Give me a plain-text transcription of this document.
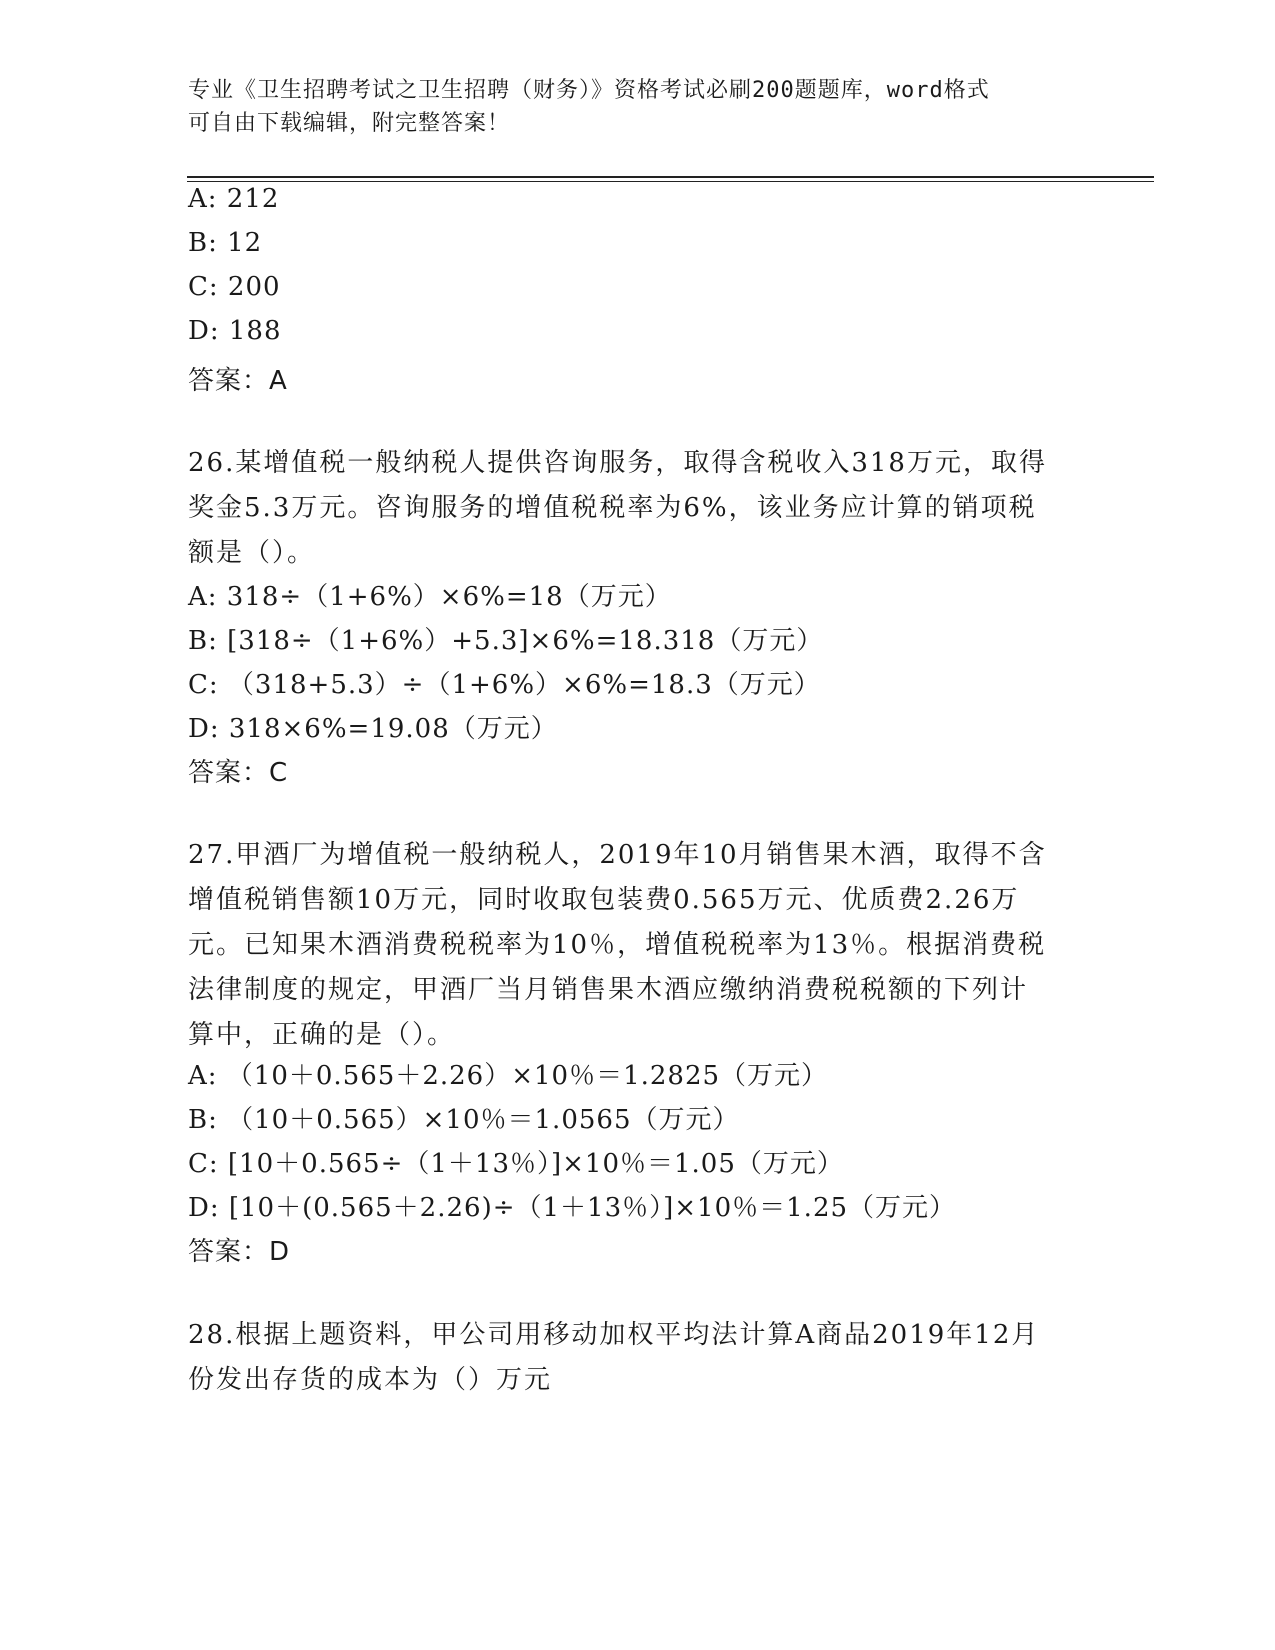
专业《卫生招聘考试之卫生招聘（财务）》资格考试必刷200题题库，word格式
可自由下载编辑，附完整答案！
A: 212
B: 12
C: 200
D: 188
答案：A
26.某增值税一般纳税人提供咨询服务，取得含税收入318万元，取得
奖金5.3万元。咨询服务的增值税税率为6%，该业务应计算的销项税
额是（）。
A: 318÷（1+6%）×6%=18（万元）
B: [318÷（1+6%）+5.3]×6%=18.318（万元）
C: （318+5.3）÷（1+6%）×6%=18.3（万元）
D: 318×6%=19.08（万元）
答案：C
27.甲酒厂为增值税一般纳税人，2019年10月销售果木酒，取得不含
增值税销售额10万元，同时收取包装费0.565万元、优质费2.26万
元。已知果木酒消费税税率为10％，增值税税率为13％。根据消费税
法律制度的规定，甲酒厂当月销售果木酒应缴纳消费税税额的下列计
算中，正确的是（）。
A: （10＋0.565＋2.26）×10％＝1.2825（万元）
B: （10＋0.565）×10％＝1.0565（万元）
C: [10＋0.565÷（1＋13％）]×10％＝1.05（万元）
D: [10＋(0.565＋2.26)÷（1＋13％）]×10％＝1.25（万元）
答案：D
28.根据上题资料，甲公司用移动加权平均法计算A商品2019年12月
份发出存货的成本为（）万元
